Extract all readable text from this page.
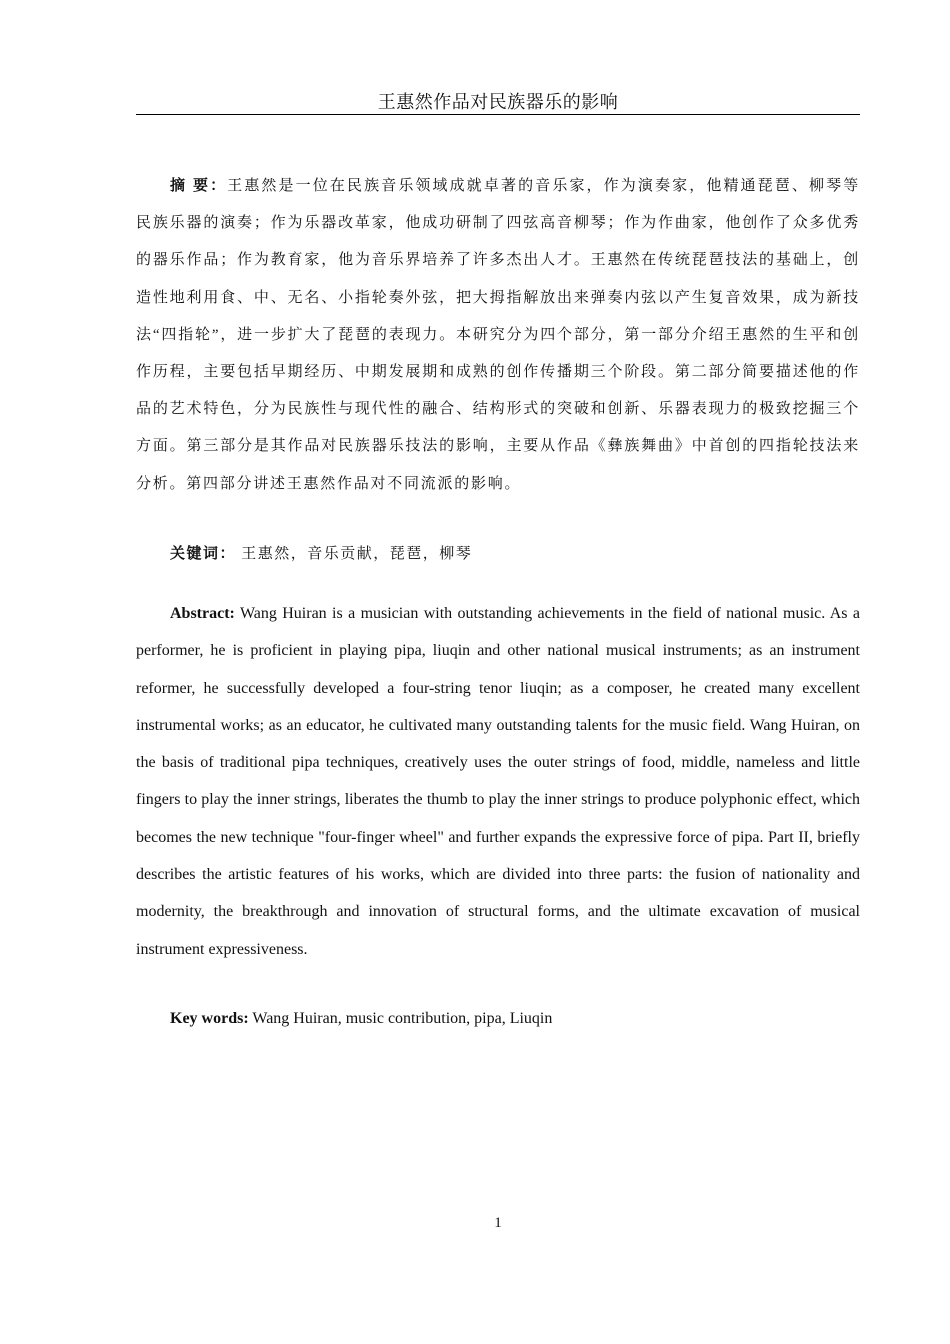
王惠然作品对民族器乐的影响

摘 要：王惠然是一位在民族音乐领域成就卓著的音乐家，作为演奏家，他精通琵琶、柳琴等民族乐器的演奏；作为乐器改革家，他成功研制了四弦高音柳琴；作为作曲家，他创作了众多优秀的器乐作品；作为教育家，他为音乐界培养了许多杰出人才。王惠然在传统琵琶技法的基础上，创造性地利用食、中、无名、小指轮奏外弦，把大拇指解放出来弹奏内弦以产生复音效果，成为新技法“四指轮”，进一步扩大了琵琶的表现力。本研究分为四个部分，第一部分介绍王惠然的生平和创作历程，主要包括早期经历、中期发展期和成熟的创作传播期三个阶段。第二部分简要描述他的作品的艺术特色，分为民族性与现代性的融合、结构形式的突破和创新、乐器表现力的极致挖掘三个方面。第三部分是其作品对民族器乐技法的影响，主要从作品《彝族舞曲》中首创的四指轮技法来分析。第四部分讲述王惠然作品对不同流派的影响。

关键词： 王惠然，音乐贡献，琵琶，柳琴

Abstract: Wang Huiran is a musician with outstanding achievements in the field of national music. As a performer, he is proficient in playing pipa, liuqin and other national musical instruments; as an instrument reformer, he successfully developed a four-string tenor liuqin; as a composer, he created many excellent instrumental works; as an educator, he cultivated many outstanding talents for the music field. Wang Huiran, on the basis of traditional pipa techniques, creatively uses the outer strings of food, middle, nameless and little fingers to play the inner strings, liberates the thumb to play the inner strings to produce polyphonic effect, which becomes the new technique "four-finger wheel" and further expands the expressive force of pipa. Part II, briefly describes the artistic features of his works, which are divided into three parts: the fusion of nationality and modernity, the breakthrough and innovation of structural forms, and the ultimate excavation of musical instrument expressiveness.

Key words: Wang Huiran, music contribution, pipa, Liuqin

1
